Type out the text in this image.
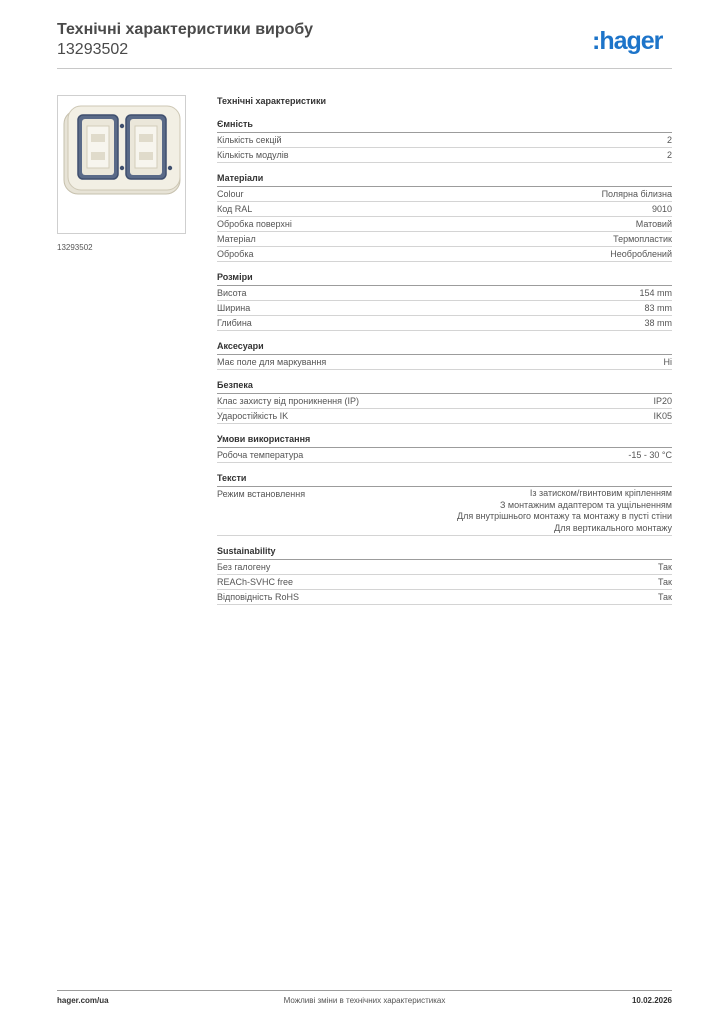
Технічні характеристики виробу

13293502	:hager
13293502

Технічні характеристики

Ємність
Кількість секцій	2
Кількість модулів	2
Матеріали
Colour	Полярна білизна
Код RAL	9010
Обробка поверхні	Матовий
Матеріал	Термопластик
Обробка	Необроблений
Розміри
Висота	154 mm
Ширина	83 mm
Глибина	38 mm
Аксесуари
Має поле для маркування	Ні
Безпека
Клас захисту від проникнення (IP)	IP20
Ударостійкість IK	IK05
Умови використання
Робоча температура	-15 - 30 °C
Тексти
Режим встановлення	Із затиском/гвинтовим кріпленням
З монтажним адаптером та ущільненням
Для внутрішнього монтажу та монтажу в пусті стіни
Для вертикального монтажу
Sustainability
Без галогену	Так
REACh-SVHC free	Так
Відповідність RoHS	Так
hager.com/ua	Можливі зміни в технічних характеристиках	10.02.2026
